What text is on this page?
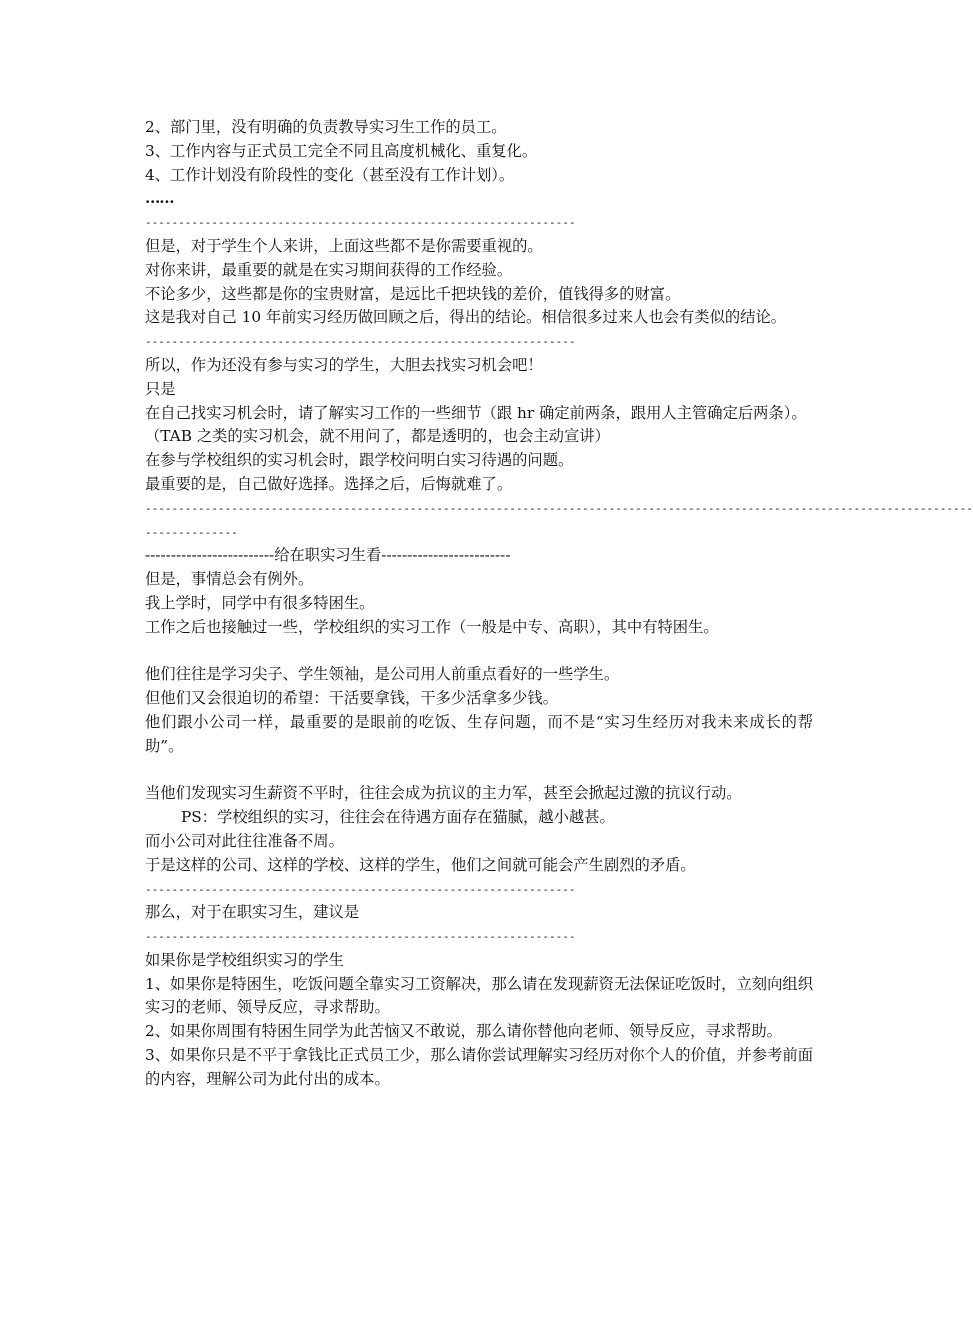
2、部门里，没有明确的负责教导实习生工作的员工。
3、工作内容与正式员工完全不同且高度机械化、重复化。
4、工作计划没有阶段性的变化（甚至没有工作计划）。
……
-----------------------------------------------------------------
但是，对于学生个人来讲，上面这些都不是你需要重视的。
对你来讲，最重要的就是在实习期间获得的工作经验。
不论多少，这些都是你的宝贵财富，是远比千把块钱的差价，值钱得多的财富。
这是我对自己 10 年前实习经历做回顾之后，得出的结论。相信很多过来人也会有类似的结论。
-----------------------------------------------------------------
所以，作为还没有参与实习的学生，大胆去找实习机会吧！
只是
在自己找实习机会时，请了解实习工作的一些细节（跟 hr 确定前两条，跟用人主管确定后两条）。
（TAB 之类的实习机会，就不用问了，都是透明的，也会主动宣讲）
在参与学校组织的实习机会时，跟学校问明白实习待遇的问题。
最重要的是，自己做好选择。选择之后，后悔就难了。
-----------------------------------------------------------------------------------------------------------------------------
--------------
-------------------------给在职实习生看-------------------------
但是，事情总会有例外。
我上学时，同学中有很多特困生。
工作之后也接触过一些，学校组织的实习工作（一般是中专、高职），其中有特困生。
他们往往是学习尖子、学生领袖，是公司用人前重点看好的一些学生。
但他们又会很迫切的希望：干活要拿钱，干多少活拿多少钱。
他们跟小公司一样，最重要的是眼前的吃饭、生存问题，而不是“实习生经历对我未来成长的帮助”。
当他们发现实习生薪资不平时，往往会成为抗议的主力军，甚至会掀起过激的抗议行动。
PS：学校组织的实习，往往会在待遇方面存在猫腻，越小越甚。
而小公司对此往往准备不周。
于是这样的公司、这样的学校、这样的学生，他们之间就可能会产生剧烈的矛盾。
-----------------------------------------------------------------
那么，对于在职实习生，建议是
-----------------------------------------------------------------
如果你是学校组织实习的学生
1、如果你是特困生，吃饭问题全靠实习工资解决，那么请在发现薪资无法保证吃饭时，立刻向组织实习的老师、领导反应，寻求帮助。
2、如果你周围有特困生同学为此苦恼又不敢说，那么请你替他向老师、领导反应，寻求帮助。
3、如果你只是不平于拿钱比正式员工少，那么请你尝试理解实习经历对你个人的价值，并参考前面的内容，理解公司为此付出的成本。
